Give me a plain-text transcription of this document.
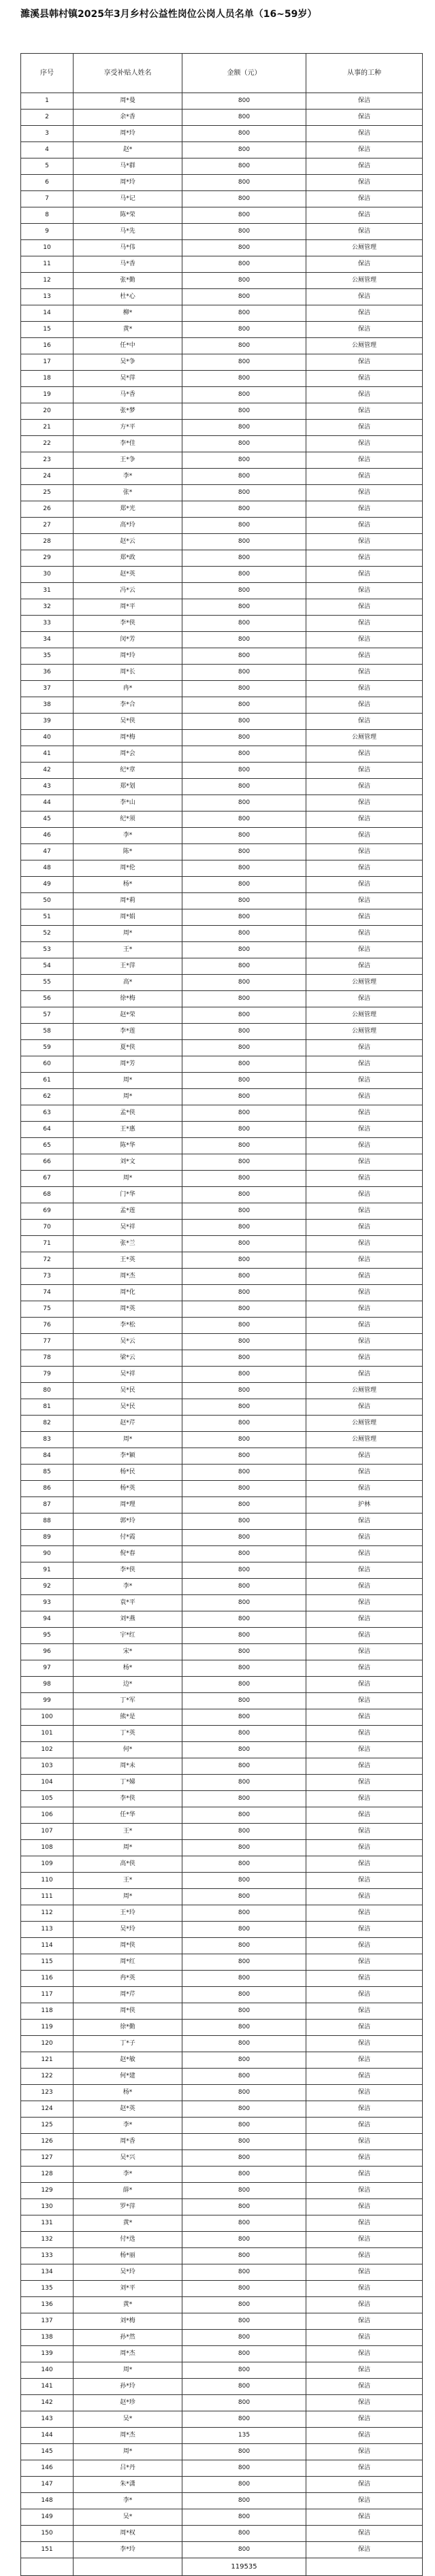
濉溪县韩村镇2025年3月乡村公益性岗位公岗人员名单（16~59岁）
序号	享受补贴人姓名	金额（元）	从事的工种
1	周*曼	800	保洁
2	余*香	800	保洁
3	周*玲	800	保洁
4	赵*	800	保洁
5	马*群	800	保洁
6	周*玲	800	保洁
7	马*记	800	保洁
8	陈*荣	800	保洁
9	马*先	800	保洁
10	马*伟	800	公厕管理
11	马*香	800	保洁
12	张*勤	800	公厕管理
13	杜*心	800	保洁
14	柳*	800	保洁
15	黄*	800	保洁
16	任*中	800	公厕管理
17	吴*争	800	保洁
18	吴*萍	800	保洁
19	马*香	800	保洁
20	张*梦	800	保洁
21	方*平	800	保洁
22	李*佳	800	保洁
23	王*争	800	保洁
24	李*	800	保洁
25	张*	800	保洁
26	郑*光	800	保洁
27	高*玲	800	保洁
28	赵*云	800	保洁
29	郑*政	800	保洁
30	赵*英	800	保洁
31	冯*云	800	保洁
32	周*平	800	保洁
33	李*侠	800	保洁
34	闵*芳	800	保洁
35	周*玲	800	保洁
36	周*长	800	保洁
37	冉*	800	保洁
38	李*合	800	保洁
39	吴*侠	800	保洁
40	周*梅	800	公厕管理
41	周*会	800	保洁
42	纪*章	800	保洁
43	郑*划	800	保洁
44	李*山	800	保洁
45	纪*须	800	保洁
46	李*	800	保洁
47	陈*	800	保洁
48	周*伦	800	保洁
49	杨*	800	保洁
50	周*莉	800	保洁
51	周*娟	800	保洁
52	周*	800	保洁
53	王*	800	保洁
54	王*萍	800	保洁
55	高*	800	公厕管理
56	徐*梅	800	保洁
57	赵*荣	800	公厕管理
58	李*莲	800	公厕管理
59	夏*侠	800	保洁
60	周*芳	800	保洁
61	周*	800	保洁
62	周*	800	保洁
63	孟*侠	800	保洁
64	王*惠	800	保洁
65	陈*华	800	保洁
66	刘*文	800	保洁
67	周*	800	保洁
68	门*华	800	保洁
69	孟*莲	800	保洁
70	吴*祥	800	保洁
71	张*兰	800	保洁
72	王*英	800	保洁
73	周*杰	800	保洁
74	周*化	800	保洁
75	周*英	800	保洁
76	李*松	800	保洁
77	吴*云	800	保洁
78	梁*云	800	保洁
79	吴*祥	800	保洁
80	吴*民	800	公厕管理
81	吴*民	800	保洁
82	赵*芹	800	公厕管理
83	周*	800	公厕管理
84	李*颖	800	保洁
85	杨*民	800	保洁
86	杨*英	800	保洁
87	周*理	800	护林
88	郭*玲	800	保洁
89	付*霞	800	保洁
90	倪*春	800	保洁
91	李*侠	800	保洁
92	李*	800	保洁
93	袁*平	800	保洁
94	刘*燕	800	保洁
95	宇*红	800	保洁
96	宋*	800	保洁
97	杨*	800	保洁
98	边*	800	保洁
99	丁*军	800	保洁
100	熊*是	800	保洁
101	丁*英	800	保洁
102	何*	800	保洁
103	周*未	800	保洁
104	丁*娣	800	保洁
105	李*侠	800	保洁
106	任*华	800	保洁
107	王*	800	保洁
108	周*	800	保洁
109	高*侠	800	保洁
110	王*	800	保洁
111	周*	800	保洁
112	王*玲	800	保洁
113	吴*玲	800	保洁
114	周*侠	800	保洁
115	周*红	800	保洁
116	冉*英	800	保洁
117	周*芹	800	保洁
118	周*侠	800	保洁
119	徐*勤	800	保洁
120	丁*子	800	保洁
121	赵*敏	800	保洁
122	何*建	800	保洁
123	杨*	800	保洁
124	赵*英	800	保洁
125	李*	800	保洁
126	周*香	800	保洁
127	吴*兴	800	保洁
128	李*	800	保洁
129	薛*	800	保洁
130	罗*萍	800	保洁
131	黄*	800	保洁
132	付*选	800	保洁
133	杨*丽	800	保洁
134	吴*玲	800	保洁
135	刘*平	800	保洁
136	黄*	800	保洁
137	刘*梅	800	保洁
138	孙*然	800	保洁
139	周*杰	800	保洁
140	周*	800	保洁
141	孙*玲	800	保洁
142	赵*珍	800	保洁
143	吴*	800	保洁
144	周*杰	135	保洁
145	周*	800	保洁
146	吕*丹	800	保洁
147	朱*潇	800	保洁
148	李*	800	保洁
149	吴*	800	保洁
150	周*权	800	保洁
151	李*玲	800	保洁
		119535	
